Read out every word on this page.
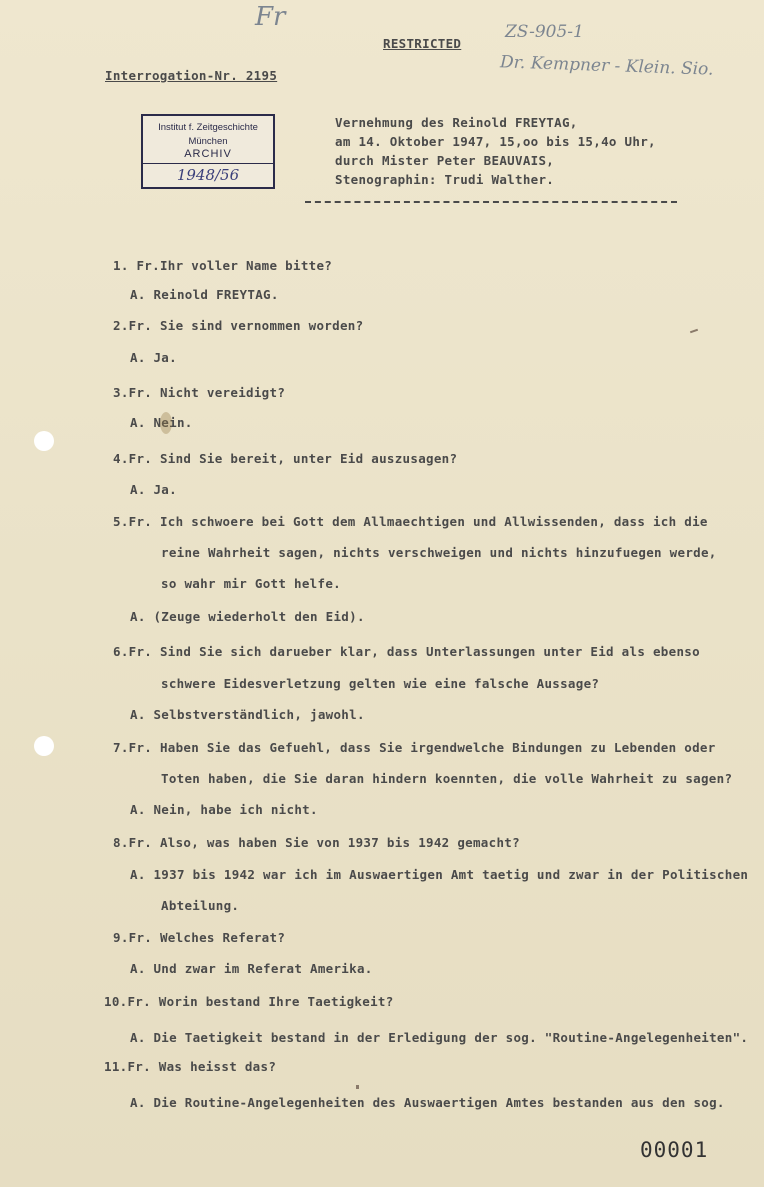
Fr
RESTRICTED
ZS-905-1
Dr. Kempner - Klein. Sio.
Interrogation-Nr. 2195
Institut f. Zeitgeschichte
München
ARCHIV
1948/56
Vernehmung des Reinold FREYTAG,
am 14. Oktober 1947, 15,oo bis 15,4o Uhr,
durch Mister Peter BEAUVAIS,
Stenographin: Trudi Walther.
1. Fr.Ihr voller Name bitte?
A. Reinold FREYTAG.
2.Fr. Sie sind vernommen worden?
A. Ja.
3.Fr. Nicht vereidigt?
A. Nein.
4.Fr. Sind Sie bereit, unter Eid auszusagen?
A. Ja.
5.Fr. Ich schwoere bei Gott dem Allmaechtigen und Allwissenden, dass ich die
reine Wahrheit sagen, nichts verschweigen und nichts hinzufuegen werde,
so wahr mir Gott helfe.
A. (Zeuge wiederholt den Eid).
6.Fr. Sind Sie sich darueber klar, dass Unterlassungen unter Eid als ebenso
schwere Eidesverletzung gelten wie eine falsche Aussage?
A. Selbstverständlich, jawohl.
7.Fr. Haben Sie das Gefuehl, dass Sie irgendwelche Bindungen zu Lebenden oder
Toten haben, die Sie daran hindern koennten, die volle Wahrheit zu sagen?
A. Nein, habe ich nicht.
8.Fr. Also, was haben Sie von 1937 bis 1942 gemacht?
A. 1937 bis 1942 war ich im Auswaertigen Amt taetig und zwar in der Politischen
Abteilung.
9.Fr. Welches Referat?
A. Und zwar im Referat Amerika.
10.Fr. Worin bestand Ihre Taetigkeit?
A. Die Taetigkeit bestand in der Erledigung der sog. "Routine-Angelegenheiten".
11.Fr. Was heisst das?
A. Die Routine-Angelegenheiten des Auswaertigen Amtes bestanden aus den sog.
00001
